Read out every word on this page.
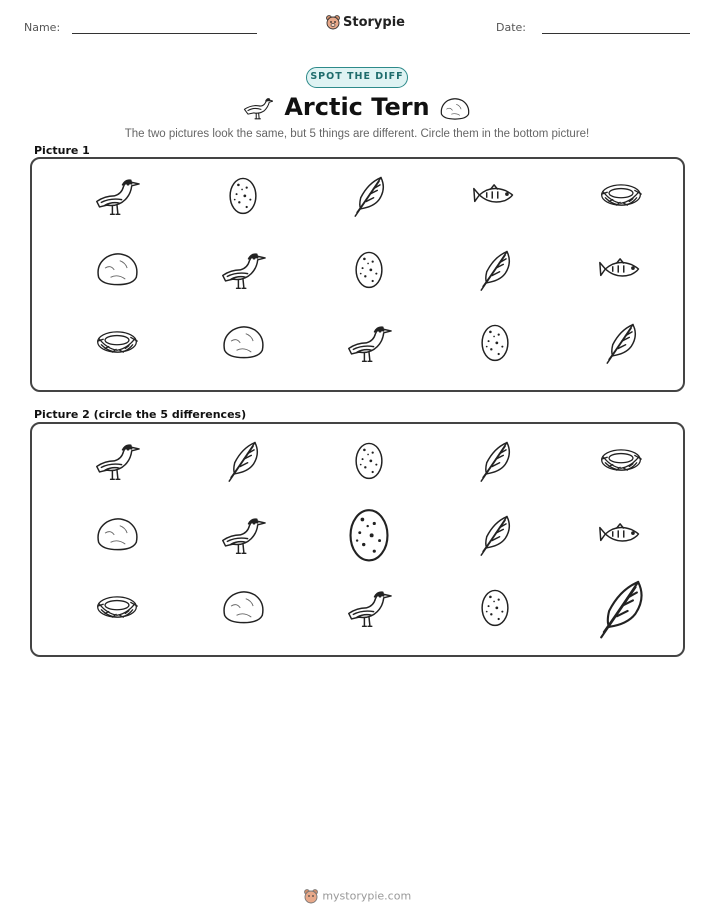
Name:	Storypie	Date:
SPOT THE DIFF
Arctic Tern
The two pictures look the same, but 5 things are different. Circle them in the bottom picture!
Picture 1
Picture 2 (circle the 5 differences)
mystorypie.com
